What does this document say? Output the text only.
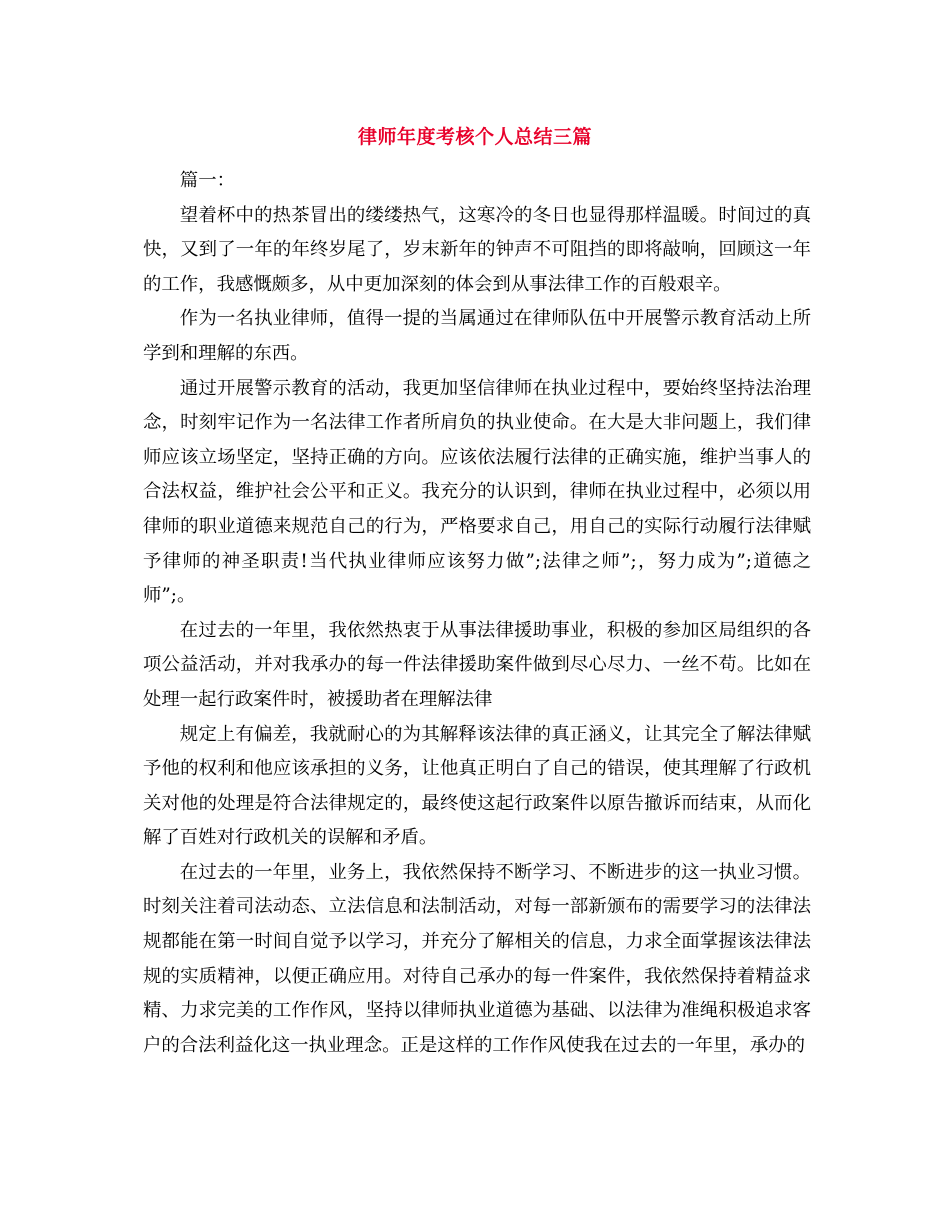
律师年度考核个人总结三篇

篇一：

望着杯中的热茶冒出的缕缕热气，这寒冷的冬日也显得那样温暖。时间过的真快，又到了一年的年终岁尾了，岁末新年的钟声不可阻挡的即将敲响，回顾这一年的工作，我感慨颇多，从中更加深刻的体会到从事法律工作的百般艰辛。

作为一名执业律师，值得一提的当属通过在律师队伍中开展警示教育活动上所学到和理解的东西。

通过开展警示教育的活动，我更加坚信律师在执业过程中，要始终坚持法治理念，时刻牢记作为一名法律工作者所肩负的执业使命。在大是大非问题上，我们律师应该立场坚定，坚持正确的方向。应该依法履行法律的正确实施，维护当事人的合法权益，维护社会公平和正义。我充分的认识到，律师在执业过程中，必须以用律师的职业道德来规范自己的行为，严格要求自己，用自己的实际行动履行法律赋予律师的神圣职责!当代执业律师应该努力做”;法律之师”;，努力成为”;道德之师”;。

在过去的一年里，我依然热衷于从事法律援助事业，积极的参加区局组织的各项公益活动，并对我承办的每一件法律援助案件做到尽心尽力、一丝不苟。比如在处理一起行政案件时，被援助者在理解法律

规定上有偏差，我就耐心的为其解释该法律的真正涵义，让其完全了解法律赋予他的权利和他应该承担的义务，让他真正明白了自己的错误，使其理解了行政机关对他的处理是符合法律规定的，最终使这起行政案件以原告撤诉而结束，从而化解了百姓对行政机关的误解和矛盾。

在过去的一年里，业务上，我依然保持不断学习、不断进步的这一执业习惯。时刻关注着司法动态、立法信息和法制活动，对每一部新颁布的需要学习的法律法规都能在第一时间自觉予以学习，并充分了解相关的信息，力求全面掌握该法律法规的实质精神，以便正确应用。对待自己承办的每一件案件，我依然保持着精益求精、力求完美的工作作风，坚持以律师执业道德为基础、以法律为准绳积极追求客户的合法利益化这一执业理念。正是这样的工作作风使我在过去的一年里，承办的
